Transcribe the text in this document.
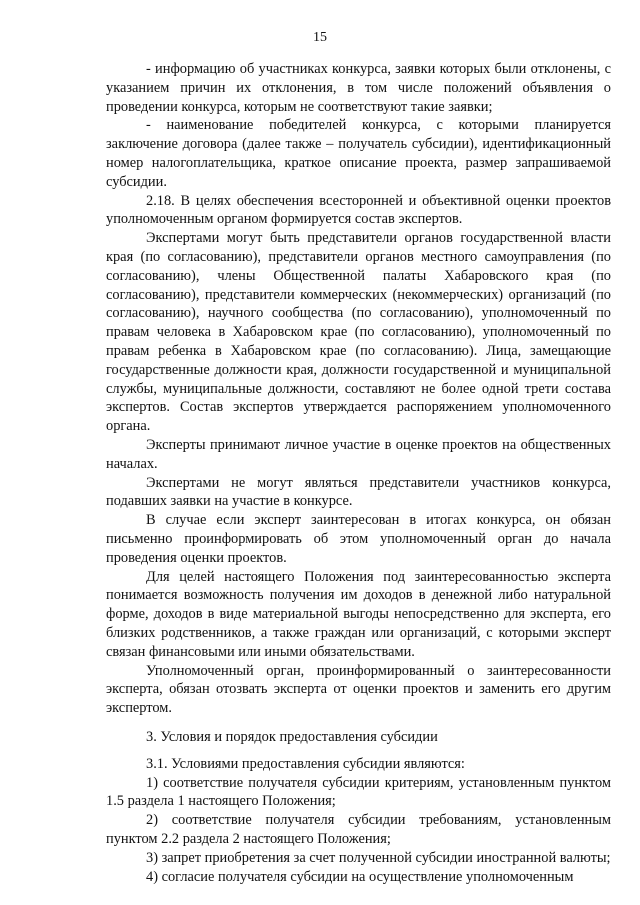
15

- информацию об участниках конкурса, заявки которых были отклонены, с указанием причин их отклонения, в том числе положений объявления о проведении конкурса, которым не соответствуют такие заявки;

- наименование победителей конкурса, с которыми планируется заключение договора (далее также – получатель субсидии), идентификационный номер налогоплательщика, краткое описание проекта, размер запрашиваемой субсидии.

2.18. В целях обеспечения всесторонней и объективной оценки проектов уполномоченным органом формируется состав экспертов.

Экспертами могут быть представители органов государственной власти края (по согласованию), представители органов местного самоуправления (по согласованию), члены Общественной палаты Хабаровского края (по согласованию), представители коммерческих (некоммерческих) организаций (по согласованию), научного сообщества (по согласованию), уполномоченный по правам человека в Хабаровском крае (по согласованию), уполномоченный по правам ребенка в Хабаровском крае (по согласованию). Лица, замещающие государственные должности края, должности государственной и муниципальной службы, муниципальные должности, составляют не более одной трети состава экспертов. Состав экспертов утверждается распоряжением уполномоченного органа.

Эксперты принимают личное участие в оценке проектов на общественных началах.

Экспертами не могут являться представители участников конкурса, подавших заявки на участие в конкурсе.

В случае если эксперт заинтересован в итогах конкурса, он обязан письменно проинформировать об этом уполномоченный орган до начала проведения оценки проектов.

Для целей настоящего Положения под заинтересованностью эксперта понимается возможность получения им доходов в денежной либо натуральной форме, доходов в виде материальной выгоды непосредственно для эксперта, его близких родственников, а также граждан или организаций, с которыми эксперт связан финансовыми или иными обязательствами.

Уполномоченный орган, проинформированный о заинтересованности эксперта, обязан отозвать эксперта от оценки проектов и заменить его другим экспертом.

3. Условия и порядок предоставления субсидии

3.1. Условиями предоставления субсидии являются:

1) соответствие получателя субсидии критериям, установленным пунктом 1.5 раздела 1 настоящего Положения;

2) соответствие получателя субсидии требованиям, установленным пунктом 2.2 раздела 2 настоящего Положения;

3) запрет приобретения за счет полученной субсидии иностранной валюты;

4) согласие получателя субсидии на осуществление уполномоченным
